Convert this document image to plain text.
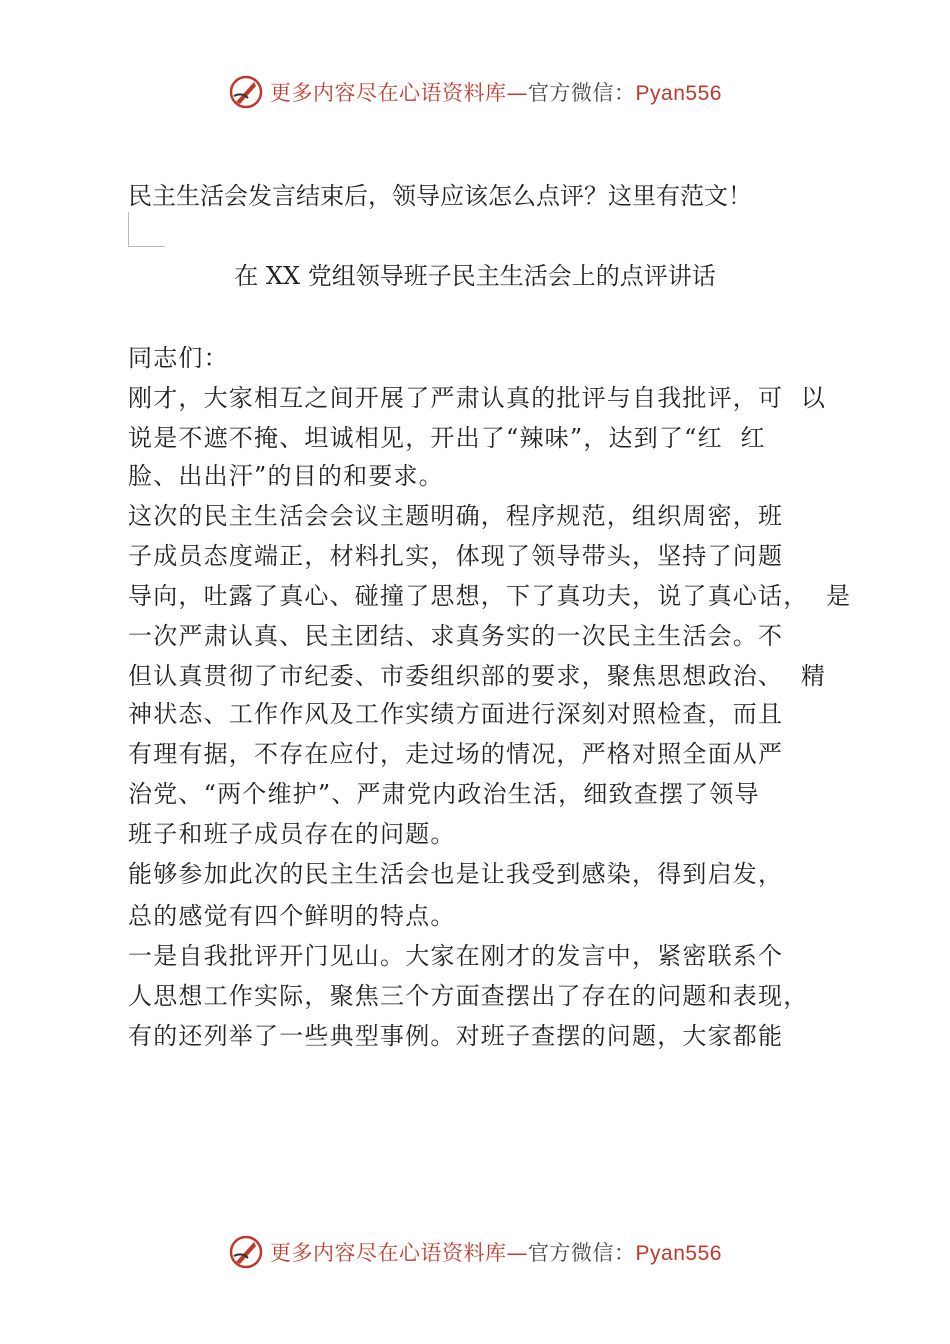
更多内容尽在心语资料库—官方微信：Pyan556
民主生活会发言结束后，领导应该怎么点评？这里有范文！
在 XX 党组领导班子民主生活会上的点评讲话
同志们：
刚才，大家相互之间开展了严肃认真的批评与自我批评，可  以
说是不遮不掩、坦诚相见，开出了“辣味”，达到了“红  红
脸、出出汗”的目的和要求。
这次的民主生活会会议主题明确，程序规范，组织周密，班
子成员态度端正，材料扎实，体现了领导带头，坚持了问题
导向，吐露了真心、碰撞了思想，下了真功夫，说了真心话，  是
一次严肃认真、民主团结、求真务实的一次民主生活会。不
但认真贯彻了市纪委、市委组织部的要求，聚焦思想政治、  精
神状态、工作作风及工作实绩方面进行深刻对照检查，而且
有理有据，不存在应付，走过场的情况，严格对照全面从严
治党、“两个维护”、严肃党内政治生活，细致查摆了领导
班子和班子成员存在的问题。
能够参加此次的民主生活会也是让我受到感染，得到启发，
总的感觉有四个鲜明的特点。
一是自我批评开门见山。大家在刚才的发言中，紧密联系个
人思想工作实际，聚焦三个方面查摆出了存在的问题和表现，
有的还列举了一些典型事例。对班子查摆的问题，大家都能
更多内容尽在心语资料库—官方微信：Pyan556
